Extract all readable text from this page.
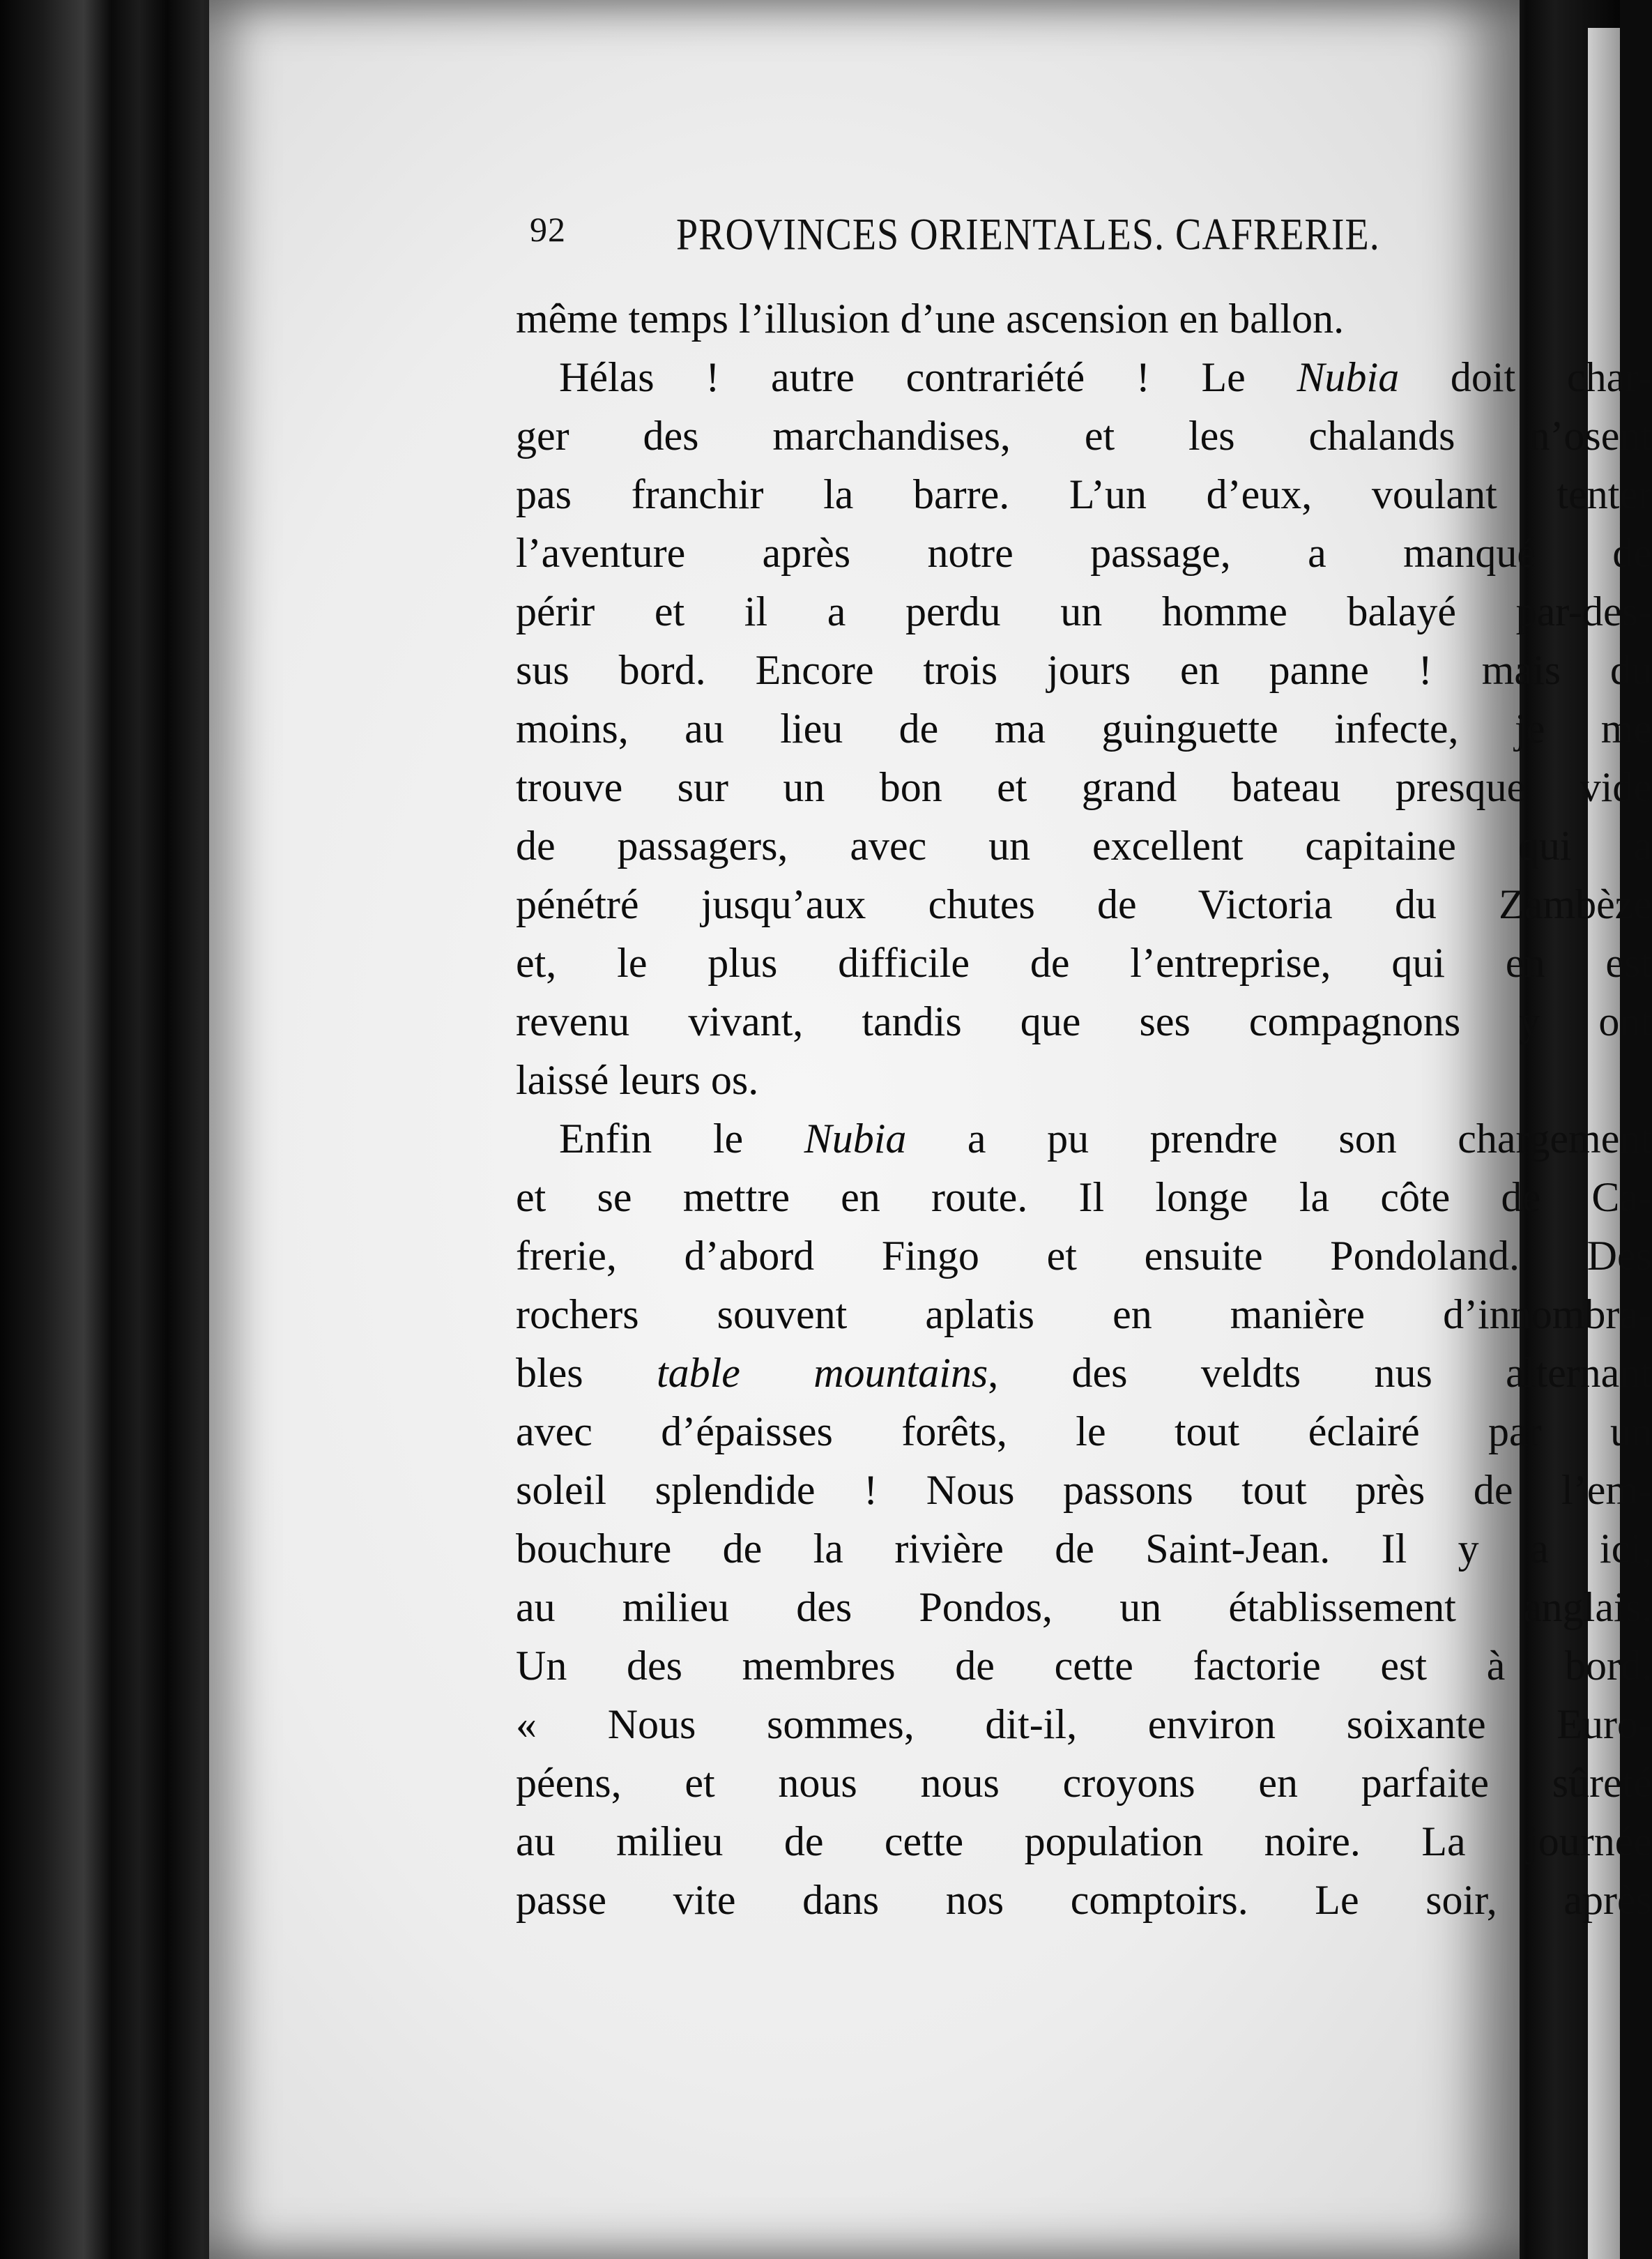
92	PROVINCES ORIENTALES. CAFRERIE.
même temps l’illusion d’une ascension en ballon.
Hélas ! autre contrariété ! Le Nubia doit char-
ger des marchandises, et les chalands n’osent
pas franchir la barre. L’un d’eux, voulant tenter
l’aventure après notre passage, a manqué de
périr et il a perdu un homme balayé par-des-
sus bord. Encore trois jours en panne ! mais du
moins, au lieu de ma guinguette infecte, je me
trouve sur un bon et grand bateau presque vide
de passagers, avec un excellent capitaine qui a
pénétré jusqu’aux chutes de Victoria du Zambèze
et, le plus difficile de l’entreprise, qui en est
revenu vivant, tandis que ses compagnons y ont
laissé leurs os.
Enfin le Nubia a pu prendre son chargement
et se mettre en route. Il longe la côte de Ca-
frerie, d’abord Fingo et ensuite Pondoland. Des
rochers souvent aplatis en manière d’innombra-
bles table mountains, des veldts nus alternant
avec d’épaisses forêts, le tout éclairé par un
soleil splendide ! Nous passons tout près de l’em-
bouchure de la rivière de Saint-Jean. Il y a ici,
au milieu des Pondos, un établissement anglais.
Un des membres de cette factorie est à bord.
« Nous sommes, dit-il, environ soixante Euro-
péens, et nous nous croyons en parfaite sûreté
au milieu de cette population noire. La journée
passe vite dans nos comptoirs. Le soir, après
